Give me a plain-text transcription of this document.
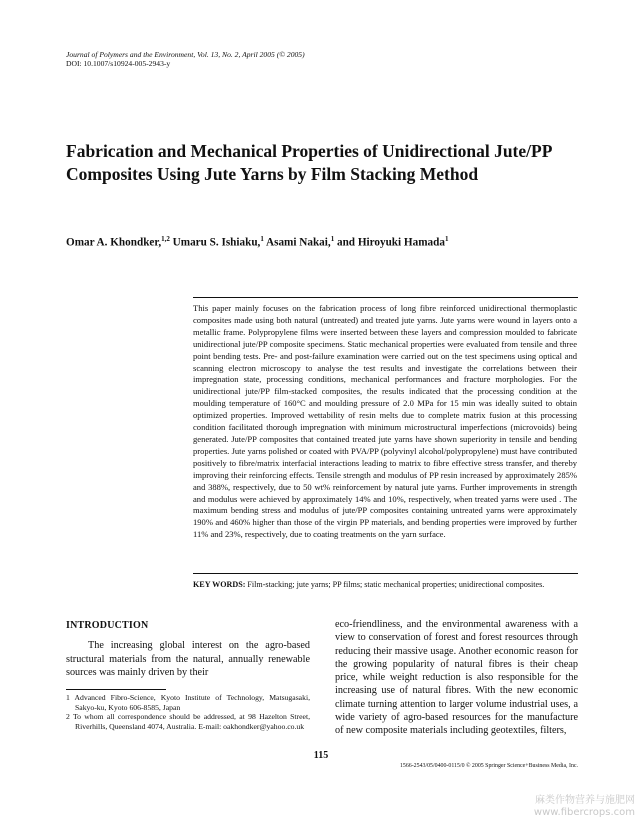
Journal of Polymers and the Environment, Vol. 13, No. 2, April 2005 (© 2005)
DOI: 10.1007/s10924-005-2943-y
Fabrication and Mechanical Properties of Unidirectional Jute/PP Composites Using Jute Yarns by Film Stacking Method
Omar A. Khondker,$^{1,2}$ Umaru S. Ishiaku,$^1$ Asami Nakai,$^1$ and Hiroyuki Hamada$^1$
This paper mainly focuses on the fabrication process of long fibre reinforced unidirectional thermoplastic composites made using both natural (untreated) and treated jute yarns. Jute yarns were wound in layers onto a metallic frame. Polypropylene films were inserted between these layers and compression moulded to fabricate unidirectional jute/PP composite specimens. Static mechanical properties were evaluated from tensile and three point bending tests. Pre- and post-failure examination were carried out on the test specimens using optical and scanning electron microscopy to analyse the test results and investigate the correlations between their impregnation state, processing conditions, mechanical performances and fracture morphologies. For the unidirectional jute/PP film-stacked composites, the results indicated that the processing condition at the moulding temperature of 160°C and moulding pressure of 2.0 MPa for 15 min was ideally suited to obtain optimized properties. Improved wettability of resin melts due to complete matrix fusion at this processing condition facilitated thorough impregnation with minimum microstructural imperfections (microvoids) being generated. Jute/PP composites that contained treated jute yarns have shown superiority in tensile and bending properties. Jute yarns polished or coated with PVA/PP (polyvinyl alcohol/polypropylene) must have contributed positively to fibre/matrix interfacial interactions leading to matrix to fibre effective stress transfer, and thereby improving their reinforcing effects. Tensile strength and modulus of PP resin increased by approximately 285% and 388%, respectively, due to 50 wt% reinforcement by natural jute yarns. Further improvements in strength and modulus were achieved by approximately 14% and 10%, respectively, when treated yarns were used . The maximum bending stress and modulus of jute/PP composites containing untreated yarns were approximately 190% and 460% higher than those of the virgin PP materials, and bending properties were improved by further 11% and 23%, respectively, due to coating treatments on the yarn surface.
KEY WORDS: Film-stacking; jute yarns; PP films; static mechanical properties; unidirectional composites.
INTRODUCTION

The increasing global interest on the agro-based structural materials from the natural, annually renewable sources was mainly driven by their

1 Advanced Fibro-Science, Kyoto Institute of Technology, Matsugasaki, Sakyo-ku, Kyoto 606-8585, Japan

2 To whom all correspondence should be addressed, at 98 Hazelton Street, Riverhills, Queensland 4074, Australia. E-mail: oakhondker@yahoo.co.uk

eco-friendliness, and the environmental awareness with a view to conservation of forest and forest resources through reducing their massive usage. Another economic reason for the growing popularity of natural fibres is their cheap price, while weight reduction is also responsible for the increasing use of natural fibres. With the new economic climate turning attention to larger volume industrial uses, a wide variety of agro-based resources for the manufacture of new composite materials including geotextiles, filters,

115
1566-2543/05/0400-0115/0 © 2005 Springer Science+Business Media, Inc.
麻类作物营养与施肥网
www.fibercrops.com
